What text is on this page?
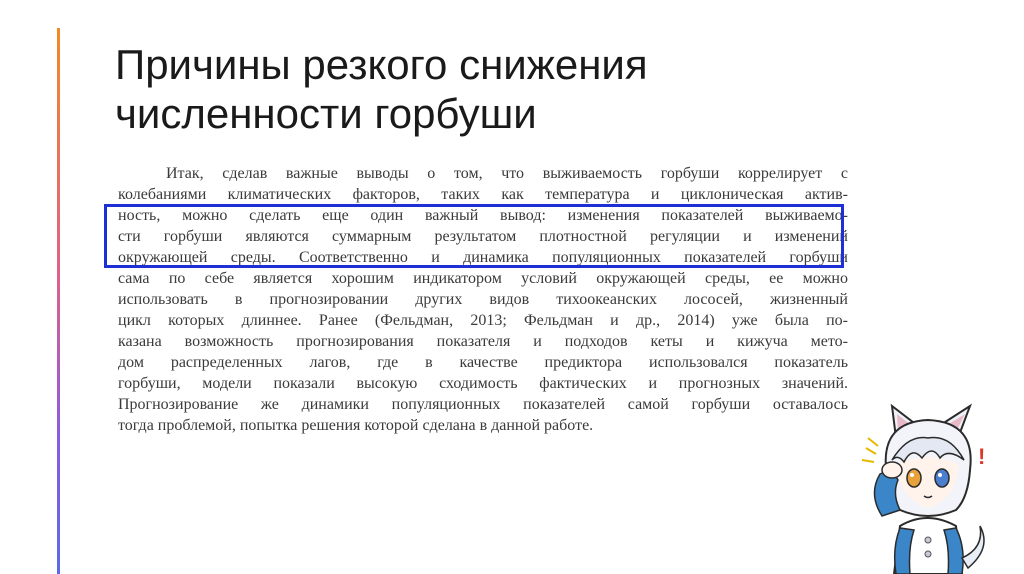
Причины резкого снижения
численности горбуши
Итак, сделав важные выводы о том, что выживаемость горбуши коррелирует с
колебаниями климатических факторов, таких как температура и циклоническая актив-
ность, можно сделать еще один важный вывод: изменения показателей выживаемо-
сти горбуши являются суммарным результатом плотностной регуляции и изменений
окружающей среды. Соответственно и динамика популяционных показателей горбуши
сама по себе является хорошим индикатором условий окружающей среды, ее можно
использовать в прогнозировании других видов тихоокеанских лососей, жизненный
цикл которых длиннее. Ранее (Фельдман, 2013; Фельдман и др., 2014) уже была по-
казана возможность прогнозирования показателя и подходов кеты и кижуча мето-
дом распределенных лагов, где в качестве предиктора использовался показатель
горбуши, модели показали высокую сходимость фактических и прогнозных значений.
Прогнозирование же динамики популяционных показателей самой горбуши оставалось
тогда проблемой, попытка решения которой сделана в данной работе.
!
